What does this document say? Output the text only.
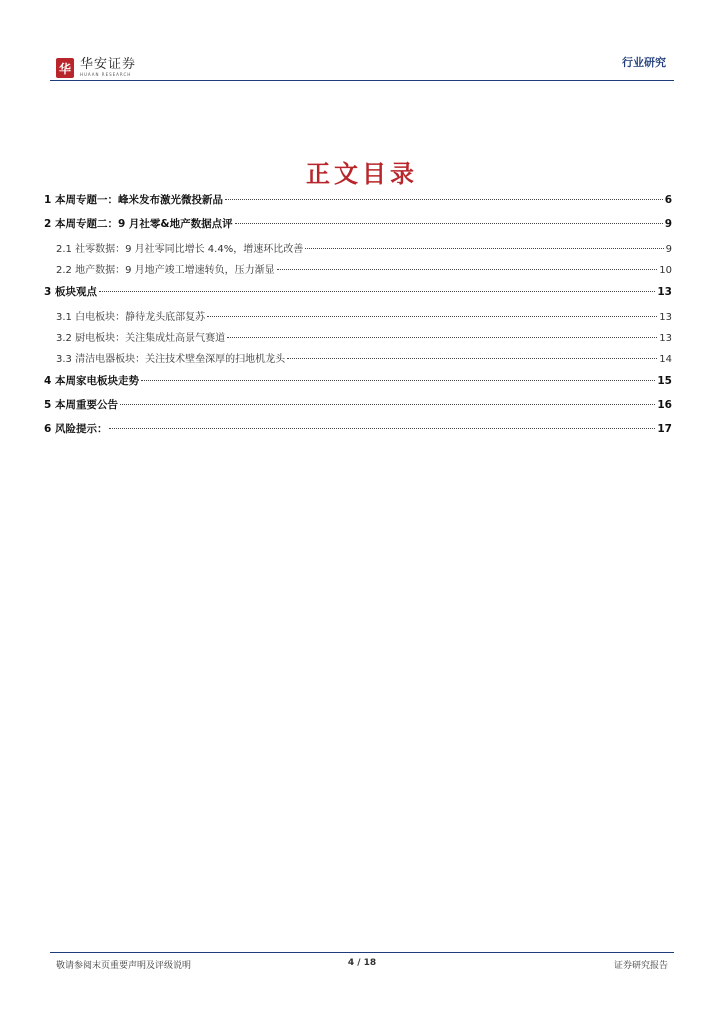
华 华安证券
HUAAN RESEARCH
行业研究
正文目录
1 本周专题一：峰米发布激光微投新品	6
2 本周专题二：9 月社零&地产数据点评	9
2.1 社零数据：9 月社零同比增长 4.4%，增速环比改善	9
2.2 地产数据：9 月地产竣工增速转负，压力渐显	10
3 板块观点	13
3.1 白电板块：静待龙头底部复苏	13
3.2 厨电板块：关注集成灶高景气赛道	13
3.3 清洁电器板块：关注技术壁垒深厚的扫地机龙头	14
4 本周家电板块走势	15
5 本周重要公告	16
6 风险提示：	17
敬请参阅末页重要声明及评级说明	4 / 18	证券研究报告
